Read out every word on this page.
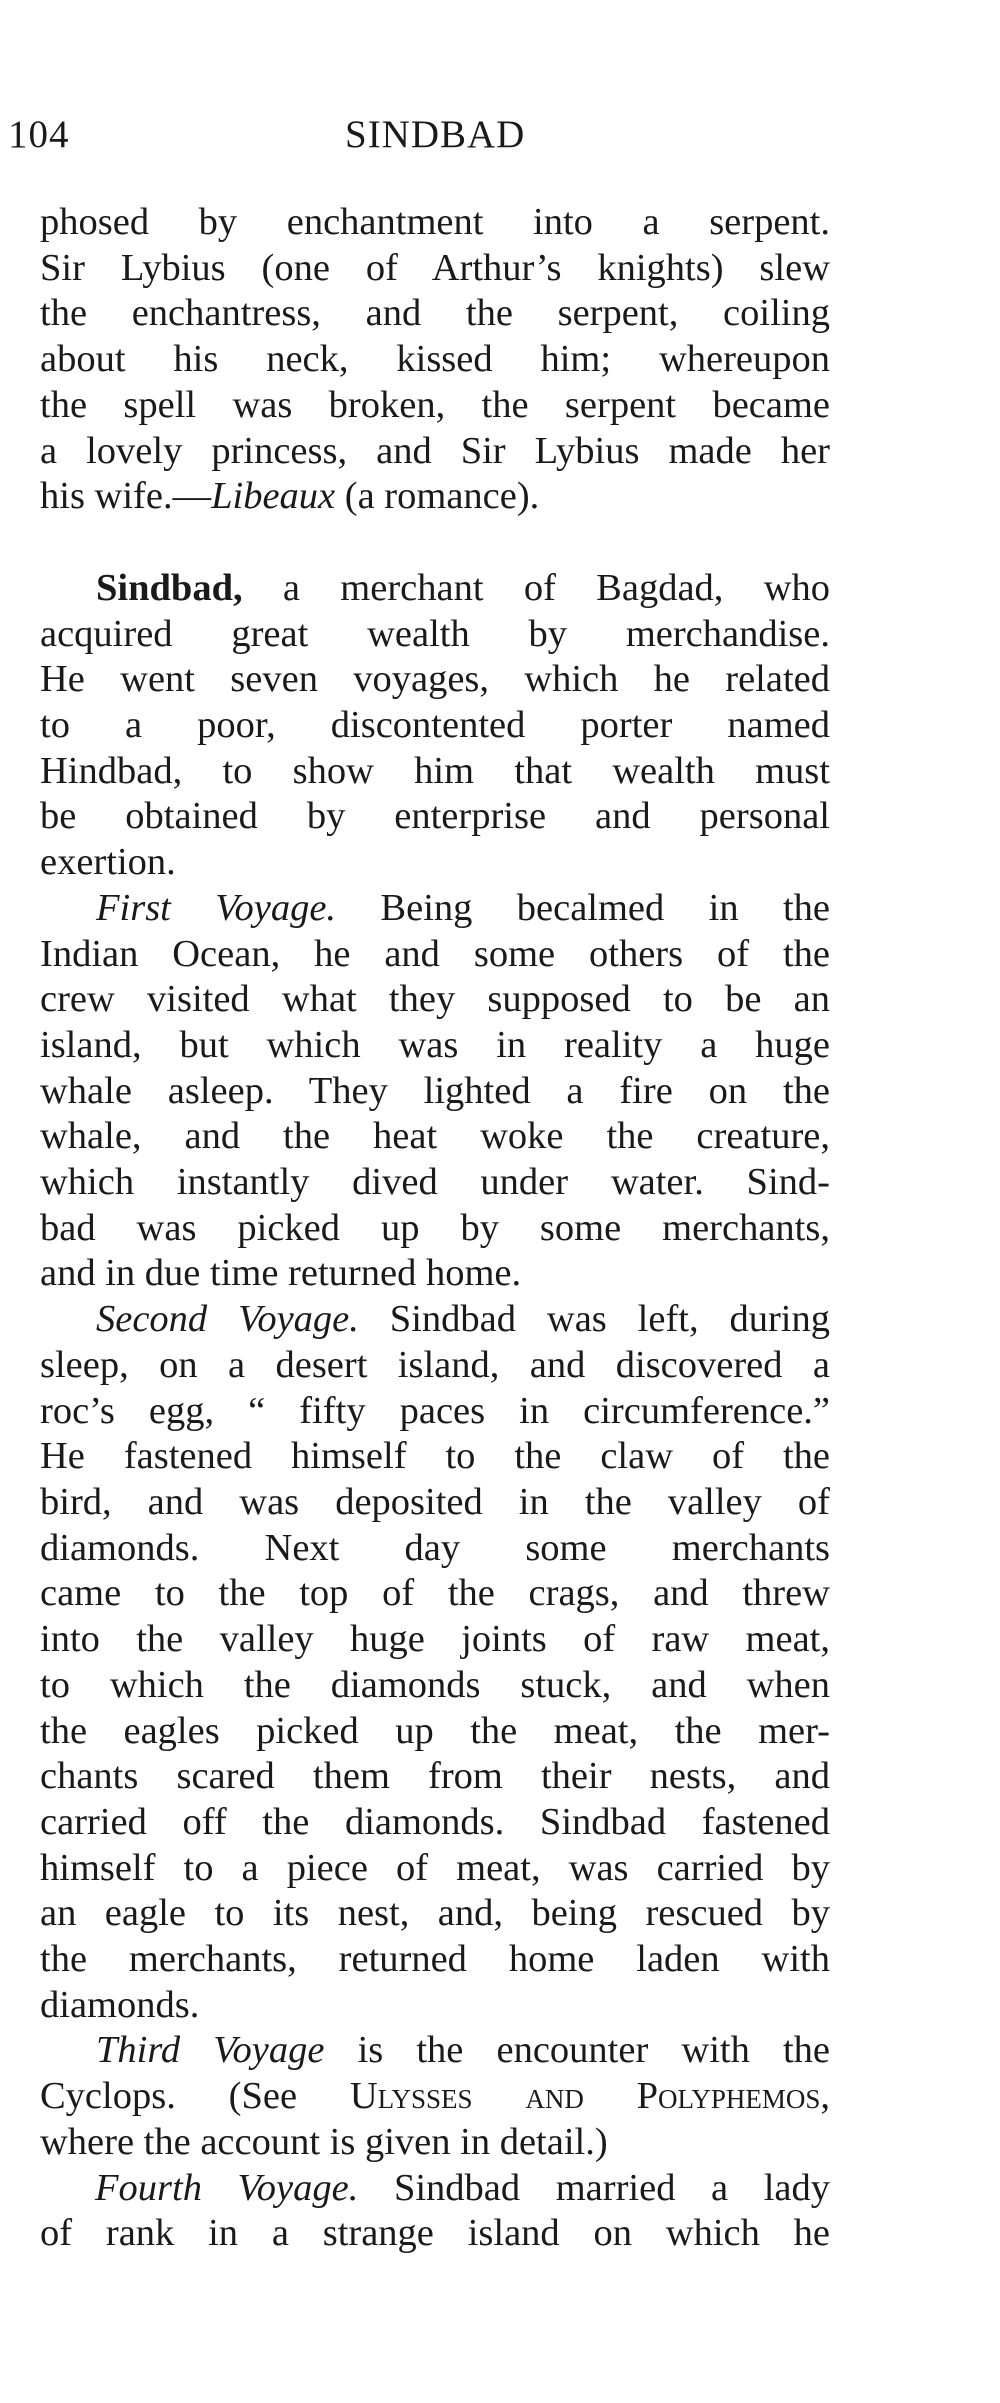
104	SINDBAD
phosed by enchantment into a serpent.
Sir Lybius (one of Arthur’s knights) slew
the enchantress, and the serpent, coiling
about his neck, kissed him; whereupon
the spell was broken, the serpent became
a lovely princess, and Sir Lybius made her
his wife.—Libeaux (a romance).
Sindbad, a merchant of Bagdad, who
acquired great wealth by merchandise.
He went seven voyages, which he related
to a poor, discontented porter named
Hindbad, to show him that wealth must
be obtained by enterprise and personal
exertion.
First Voyage. Being becalmed in the
Indian Ocean, he and some others of the
crew visited what they supposed to be an
island, but which was in reality a huge
whale asleep. They lighted a fire on the
whale, and the heat woke the creature,
which instantly dived under water. Sind-
bad was picked up by some merchants,
and in due time returned home.
Second Voyage. Sindbad was left, during
sleep, on a desert island, and discovered a
roc’s egg, “ fifty paces in circumference.”
He fastened himself to the claw of the
bird, and was deposited in the valley of
diamonds. Next day some merchants
came to the top of the crags, and threw
into the valley huge joints of raw meat,
to which the diamonds stuck, and when
the eagles picked up the meat, the mer-
chants scared them from their nests, and
carried off the diamonds. Sindbad fastened
himself to a piece of meat, was carried by
an eagle to its nest, and, being rescued by
the merchants, returned home laden with
diamonds.
Third Voyage is the encounter with the
Cyclops. (See Ulysses and Polyphemos,
where the account is given in detail.)
Fourth Voyage. Sindbad married a lady
of rank in a strange island on which he
